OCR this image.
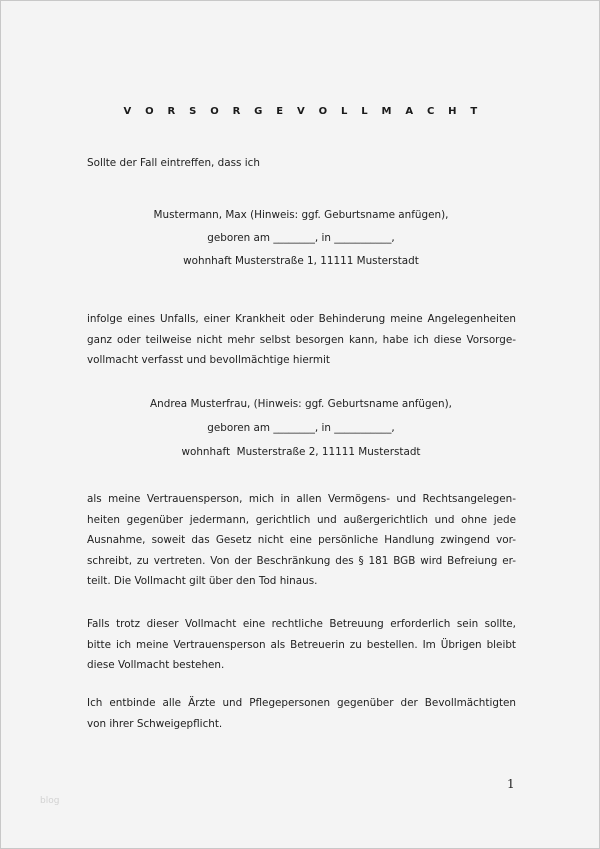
V O R S O R G E V O L L M A C H T
Sollte der Fall eintreffen, dass ich
Mustermann, Max (Hinweis: ggf. Geburtsname anfügen),
geboren am ________, in ___________,
wohnhaft Musterstraße 1, 11111 Musterstadt
infolge eines Unfalls, einer Krankheit oder Behinderung meine Angelegenheiten
ganz oder teilweise nicht mehr selbst besorgen kann, habe ich diese Vorsorge-
vollmacht verfasst und bevollmächtige hiermit
Andrea Musterfrau, (Hinweis: ggf. Geburtsname anfügen),
geboren am ________, in ___________,
wohnhaft  Musterstraße 2, 11111 Musterstadt
als meine Vertrauensperson, mich in allen Vermögens- und Rechtsangelegen-
heiten gegenüber jedermann, gerichtlich und außergerichtlich und ohne jede
Ausnahme, soweit das Gesetz nicht eine persönliche Handlung zwingend vor-
schreibt, zu vertreten. Von der Beschränkung des § 181 BGB wird Befreiung er-
teilt. Die Vollmacht gilt über den Tod hinaus.
Falls trotz dieser Vollmacht eine rechtliche Betreuung erforderlich sein sollte,
bitte ich meine Vertrauensperson als Betreuerin zu bestellen. Im Übrigen bleibt
diese Vollmacht bestehen.
Ich entbinde alle Ärzte und Pflegepersonen gegenüber der Bevollmächtigten
von ihrer Schweigepflicht.
1
blog
